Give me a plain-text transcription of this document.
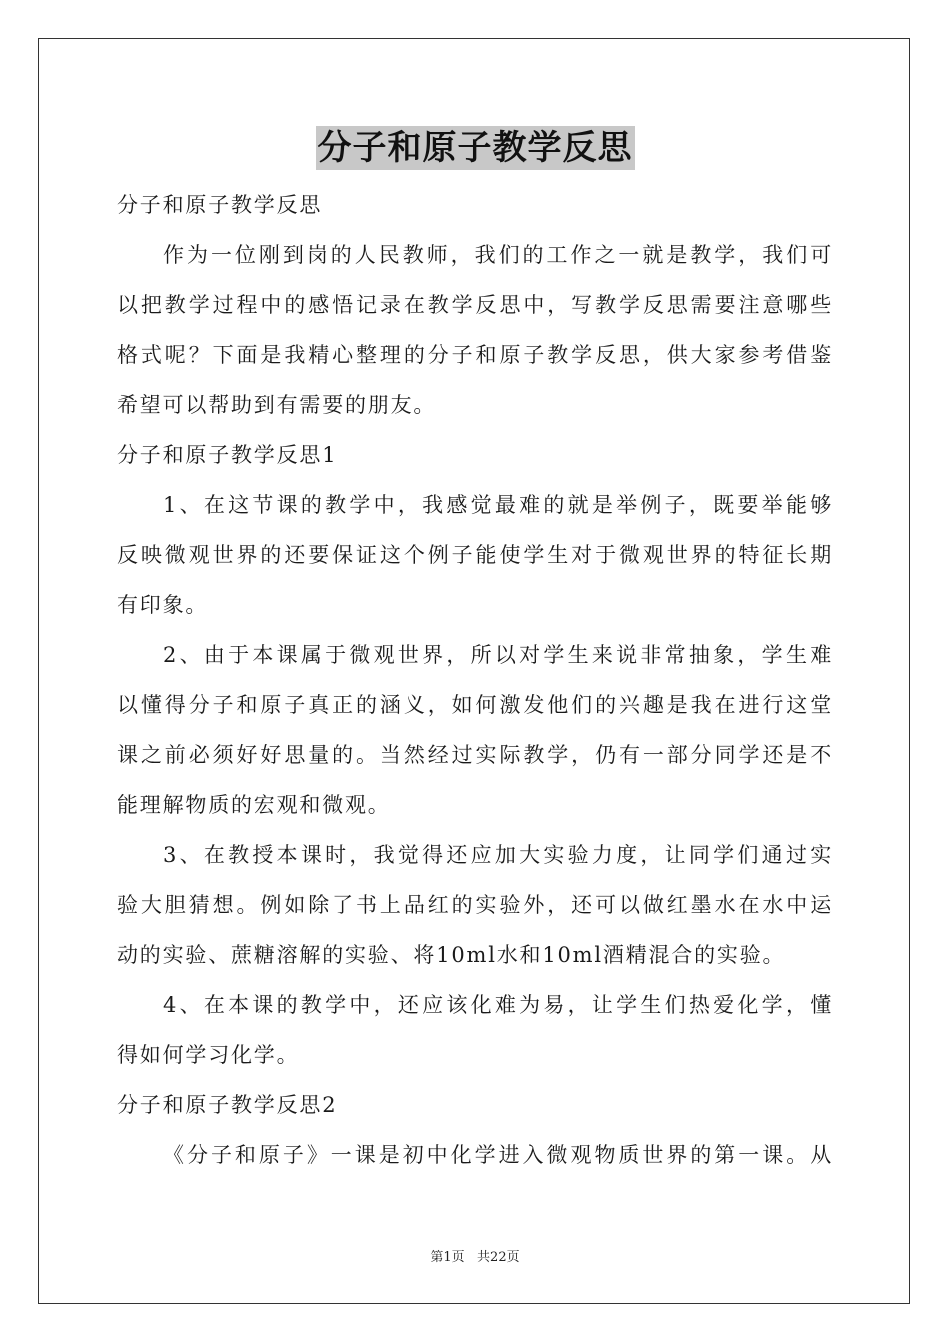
分子和原子教学反思
分子和原子教学反思
作为一位刚到岗的人民教师，我们的工作之一就是教学，我们可
以把教学过程中的感悟记录在教学反思中，写教学反思需要注意哪些
格式呢？下面是我精心整理的分子和原子教学反思，供大家参考借鉴
希望可以帮助到有需要的朋友。
分子和原子教学反思1
1、在这节课的教学中，我感觉最难的就是举例子，既要举能够
反映微观世界的还要保证这个例子能使学生对于微观世界的特征长期
有印象。
2、由于本课属于微观世界，所以对学生来说非常抽象，学生难
以懂得分子和原子真正的涵义，如何激发他们的兴趣是我在进行这堂
课之前必须好好思量的。当然经过实际教学，仍有一部分同学还是不
能理解物质的宏观和微观。
3、在教授本课时，我觉得还应加大实验力度，让同学们通过实
验大胆猜想。例如除了书上品红的实验外，还可以做红墨水在水中运
动的实验、蔗糖溶解的实验、将10ml水和10ml酒精混合的实验。
4、在本课的教学中，还应该化难为易，让学生们热爱化学，懂
得如何学习化学。
分子和原子教学反思2
《分子和原子》一课是初中化学进入微观物质世界的第一课。从
第1页   共22页
